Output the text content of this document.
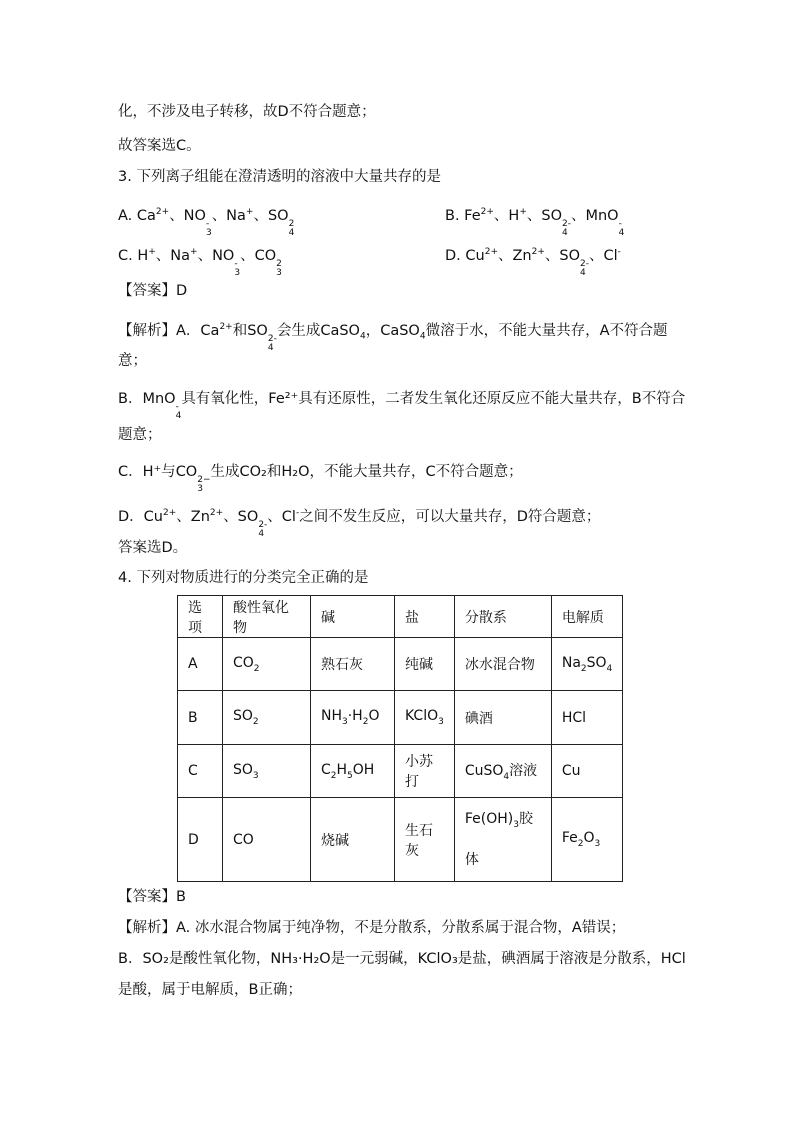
化，不涉及电子转移，故D不符合题意；
故答案选C。
3. 下列离子组能在澄清透明的溶液中大量共存的是
A. $Ca^{2+}$、NO -
3
、Na+、SO 2
4
B. $Fe^{2+}$、H+、SO 2-
4
、MnO -
4
C. H+、Na+、NO -
3
、CO 2
3
D. $Cu^{2+}$、$Zn^{2+}$、SO 2-
4
、Cl-
【答案】D
【解析】A．$Ca^{2+}$和SO 2-
4
会生成CaSO$_4$，CaSO$_4$微溶于水，不能大量共存，A不符合题
意；
B．MnO -
4
具有氧化性，Fe²⁺具有还原性，二者发生氧化还原反应不能大量共存，B不符合
题意；
C．H⁺与CO 2−
3
生成CO₂和H₂O，不能大量共存，C不符合题意；
D．$Cu^{2+}$、$Zn^{2+}$、SO 2-
4
、Cl-之间不发生反应，可以大量共存，D符合题意；
答案选D。
4. 下列对物质进行的分类完全正确的是
选项	酸性氧化物	碱	盐	分散系	电解质
A	$CO_2$	熟石灰	纯碱	冰水混合物	$Na_2SO_4$
B	$SO_2$	$NH_3\cdot H_2O$	KClO$_3$	碘酒	HCl
C	$SO_3$	$C_2H_5OH$	小苏打	CuSO$_4$溶液	Cu
D	CO	烧碱	生石灰	$Fe(OH)_3$胶
体	$Fe_2O_3$
【答案】B
【解析】A. 冰水混合物属于纯净物，不是分散系，分散系属于混合物，A错误；
B．SO₂是酸性氧化物，NH₃·H₂O是一元弱碱，KClO₃是盐，碘酒属于溶液是分散系，HCl
是酸，属于电解质，B正确；
